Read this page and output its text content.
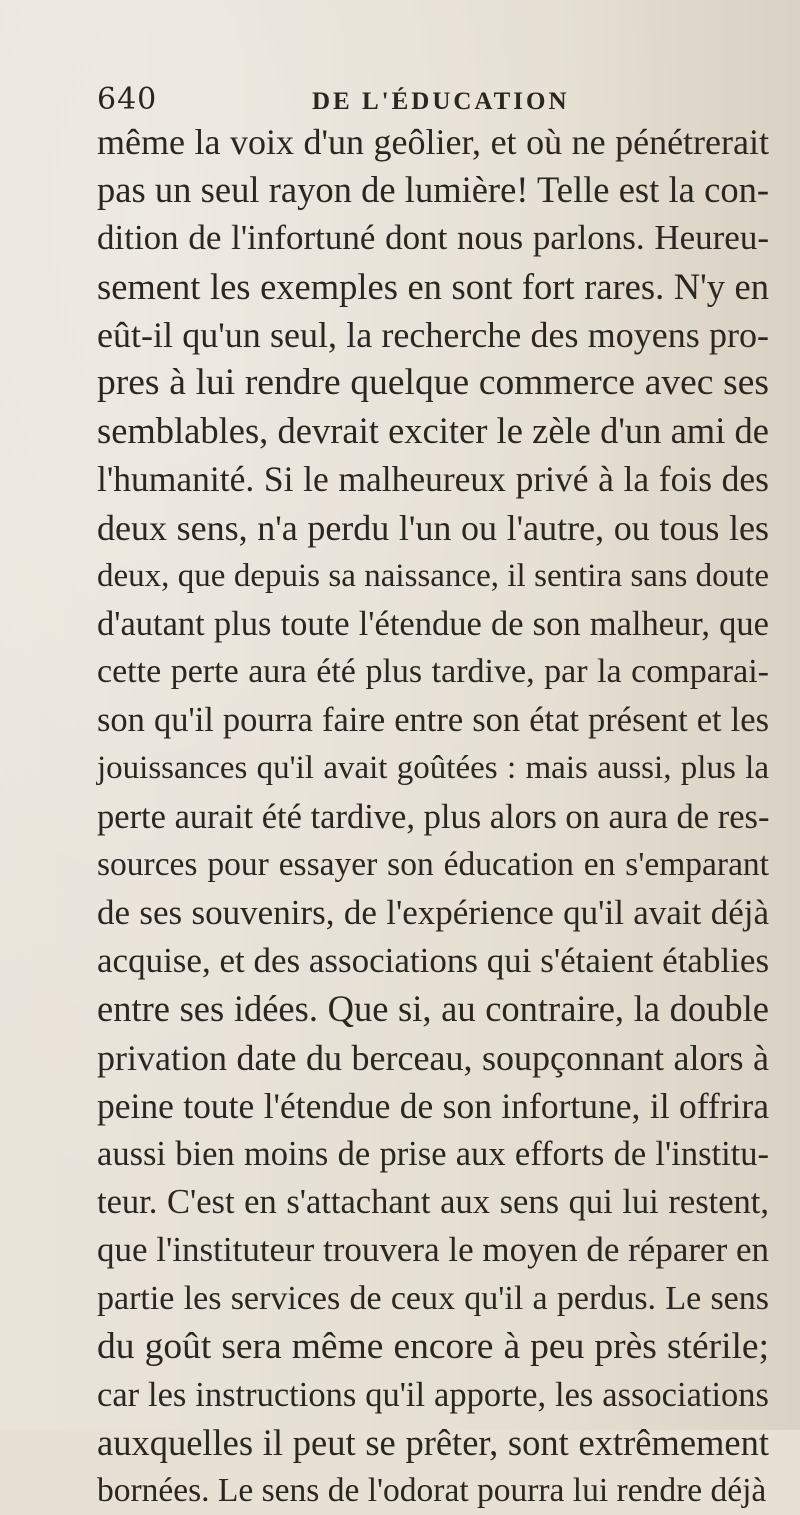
640	DE L'ÉDUCATION
même la voix d'un geôlier, et où ne pénétrerait
pas un seul rayon de lumière! Telle est la con-
dition de l'infortuné dont nous parlons. Heureu-
sement les exemples en sont fort rares. N'y en
eût-il qu'un seul, la recherche des moyens pro-
pres à lui rendre quelque commerce avec ses
semblables, devrait exciter le zèle d'un ami de
l'humanité. Si le malheureux privé à la fois des
deux sens, n'a perdu l'un ou l'autre, ou tous les
deux, que depuis sa naissance, il sentira sans doute
d'autant plus toute l'étendue de son malheur, que
cette perte aura été plus tardive, par la comparai-
son qu'il pourra faire entre son état présent et les
jouissances qu'il avait goûtées : mais aussi, plus la
perte aurait été tardive, plus alors on aura de res-
sources pour essayer son éducation en s'emparant
de ses souvenirs, de l'expérience qu'il avait déjà
acquise, et des associations qui s'étaient établies
entre ses idées. Que si, au contraire, la double
privation date du berceau, soupçonnant alors à
peine toute l'étendue de son infortune, il offrira
aussi bien moins de prise aux efforts de l'institu-
teur. C'est en s'attachant aux sens qui lui restent,
que l'instituteur trouvera le moyen de réparer en
partie les services de ceux qu'il a perdus. Le sens
du goût sera même encore à peu près stérile;
car les instructions qu'il apporte, les associations
auxquelles il peut se prêter, sont extrêmement
bornées. Le sens de l'odorat pourra lui rendre déjà
